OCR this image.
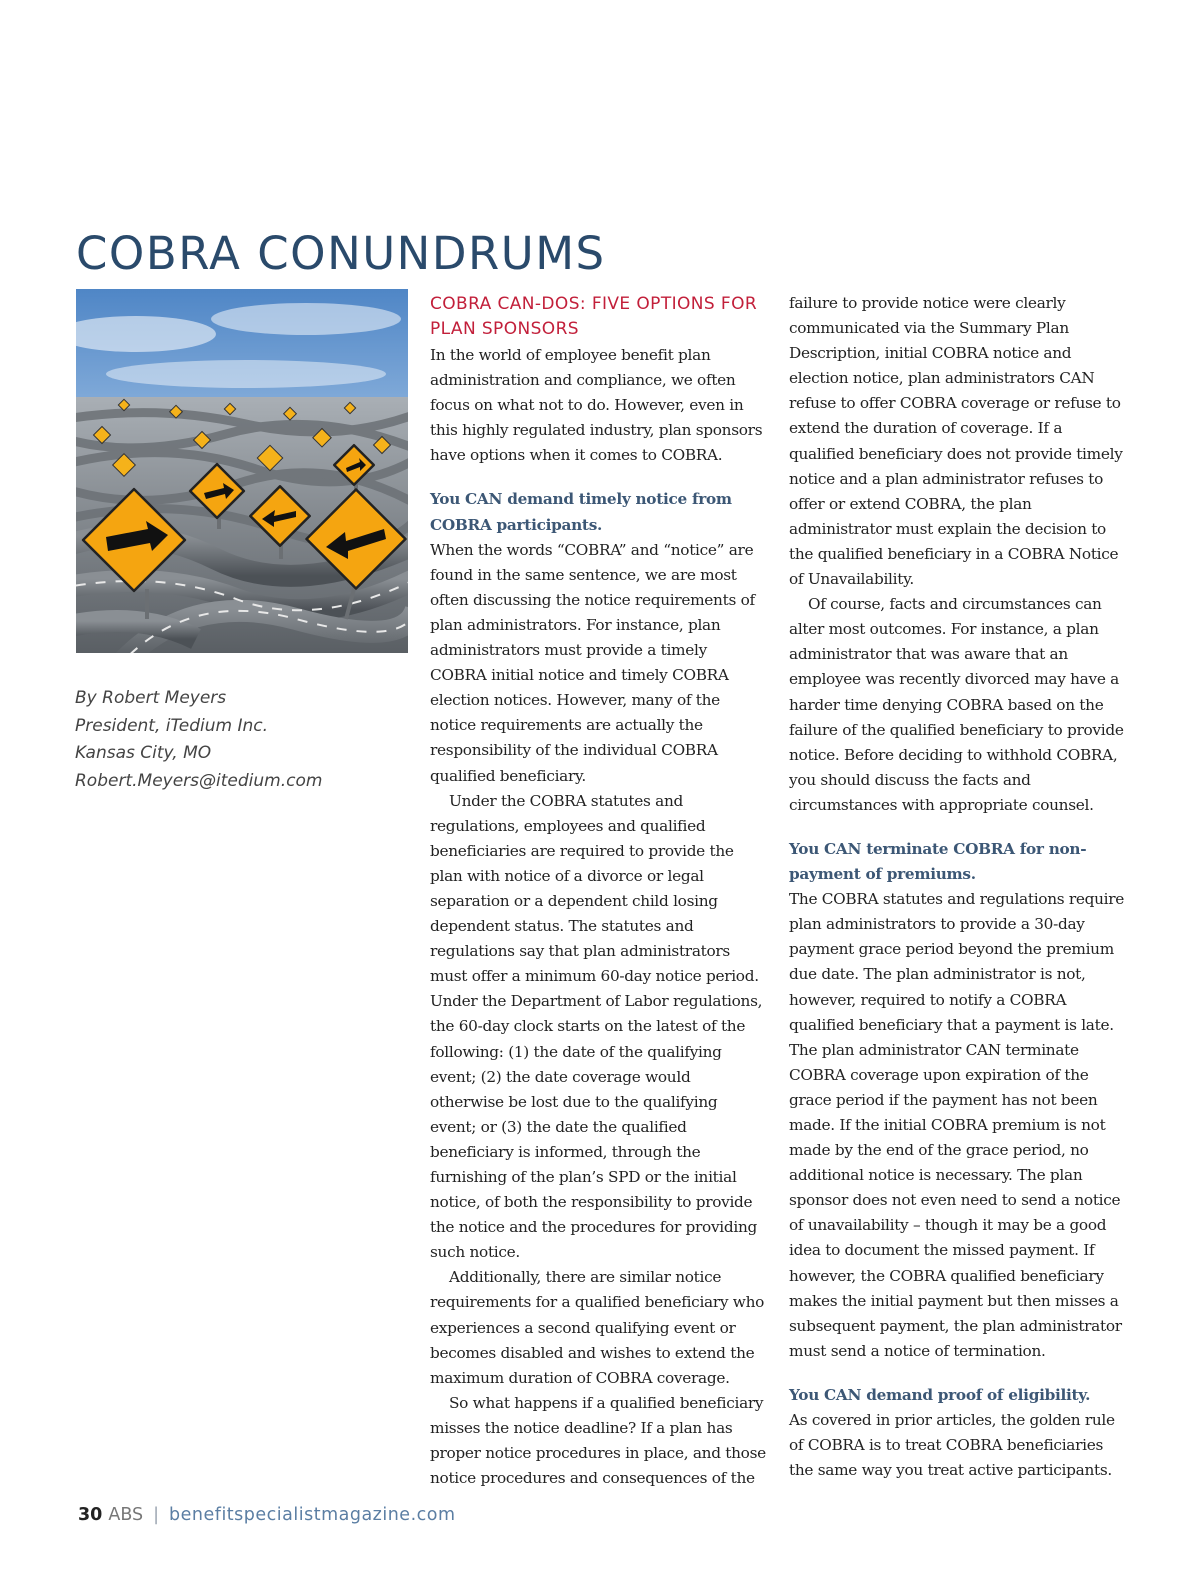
COBRA CONUNDRUMS
By Robert Meyers
President, iTedium Inc.
Kansas City, MO
Robert.Meyers@itedium.com
COBRA CAN-DOS: FIVE OPTIONS FOR PLAN SPONSORS

In the world of employee benefit plan administration and compliance, we often focus on what not to do. However, even in this highly regulated industry, plan sponsors have options when it comes to COBRA.

You CAN demand timely notice from COBRA participants.

When the words “COBRA” and “notice” are found in the same sentence, we are most often discussing the notice requirements of plan administrators. For instance, plan administrators must provide a timely COBRA initial notice and timely COBRA election notices. However, many of the notice requirements are actually the responsibility of the individual COBRA qualified beneficiary.

Under the COBRA statutes and regulations, employees and qualified beneficiaries are required to provide the plan with notice of a divorce or legal separation or a dependent child losing dependent status. The statutes and regulations say that plan administrators must offer a minimum 60-day notice period. Under the Department of Labor regulations, the 60-day clock starts on the latest of the following: (1) the date of the qualifying event; (2) the date coverage would otherwise be lost due to the qualifying event; or (3) the date the qualified beneficiary is informed, through the furnishing of the plan’s SPD or the initial notice, of both the responsibility to provide the notice and the procedures for providing such notice.

Additionally, there are similar notice requirements for a qualified beneficiary who experiences a second qualifying event or becomes disabled and wishes to extend the maximum duration of COBRA coverage.

So what happens if a qualified beneficiary misses the notice deadline? If a plan has proper notice procedures in place, and those notice procedures and consequences of the

failure to provide notice were clearly communicated via the Summary Plan Description, initial COBRA notice and election notice, plan administrators CAN refuse to offer COBRA coverage or refuse to extend the duration of coverage. If a qualified beneficiary does not provide timely notice and a plan administrator refuses to offer or extend COBRA, the plan administrator must explain the decision to the qualified beneficiary in a COBRA Notice of Unavailability.

Of course, facts and circumstances can alter most outcomes. For instance, a plan administrator that was aware that an employee was recently divorced may have a harder time denying COBRA based on the failure of the qualified beneficiary to provide notice. Before deciding to withhold COBRA, you should discuss the facts and circumstances with appropriate counsel.

You CAN terminate COBRA for non-payment of premiums.

The COBRA statutes and regulations require plan administrators to provide a 30-day payment grace period beyond the premium due date. The plan administrator is not, however, required to notify a COBRA qualified beneficiary that a payment is late. The plan administrator CAN terminate COBRA coverage upon expiration of the grace period if the payment has not been made. If the initial COBRA premium is not made by the end of the grace period, no additional notice is necessary. The plan sponsor does not even need to send a notice of unavailability – though it may be a good idea to document the missed payment. If however, the COBRA qualified beneficiary makes the initial payment but then misses a subsequent payment, the plan administrator must send a notice of termination.

You CAN demand proof of eligibility.

As covered in prior articles, the golden rule of COBRA is to treat COBRA beneficiaries the same way you treat active participants.

30 ABS | benefitspecialistmagazine.com
